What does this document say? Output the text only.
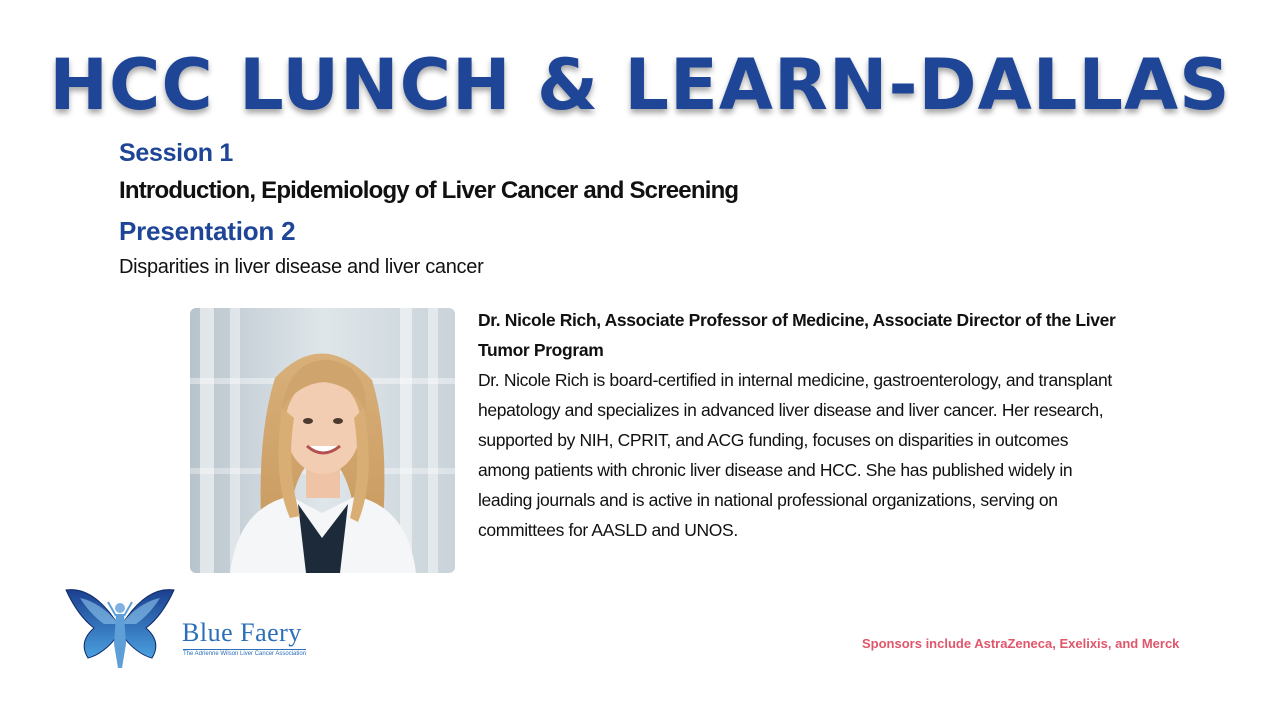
HCC LUNCH & LEARN-DALLAS
Session 1
Introduction, Epidemiology of Liver Cancer and Screening
Presentation 2
Disparities in liver disease and liver cancer
Dr. Nicole Rich, Associate Professor of Medicine, Associate Director of the Liver Tumor Program
Dr. Nicole Rich is board-certified in internal medicine, gastroenterology, and transplant hepatology and specializes in advanced liver disease and liver cancer. Her research, supported by NIH, CPRIT, and ACG funding, focuses on disparities in outcomes among patients with chronic liver disease and HCC. She has published widely in leading journals and is active in national professional organizations, serving on committees for AASLD and UNOS.
Blue Faery
The Adrienne Wilson Liver Cancer Association
Sponsors include AstraZeneca, Exelixis, and Merck
